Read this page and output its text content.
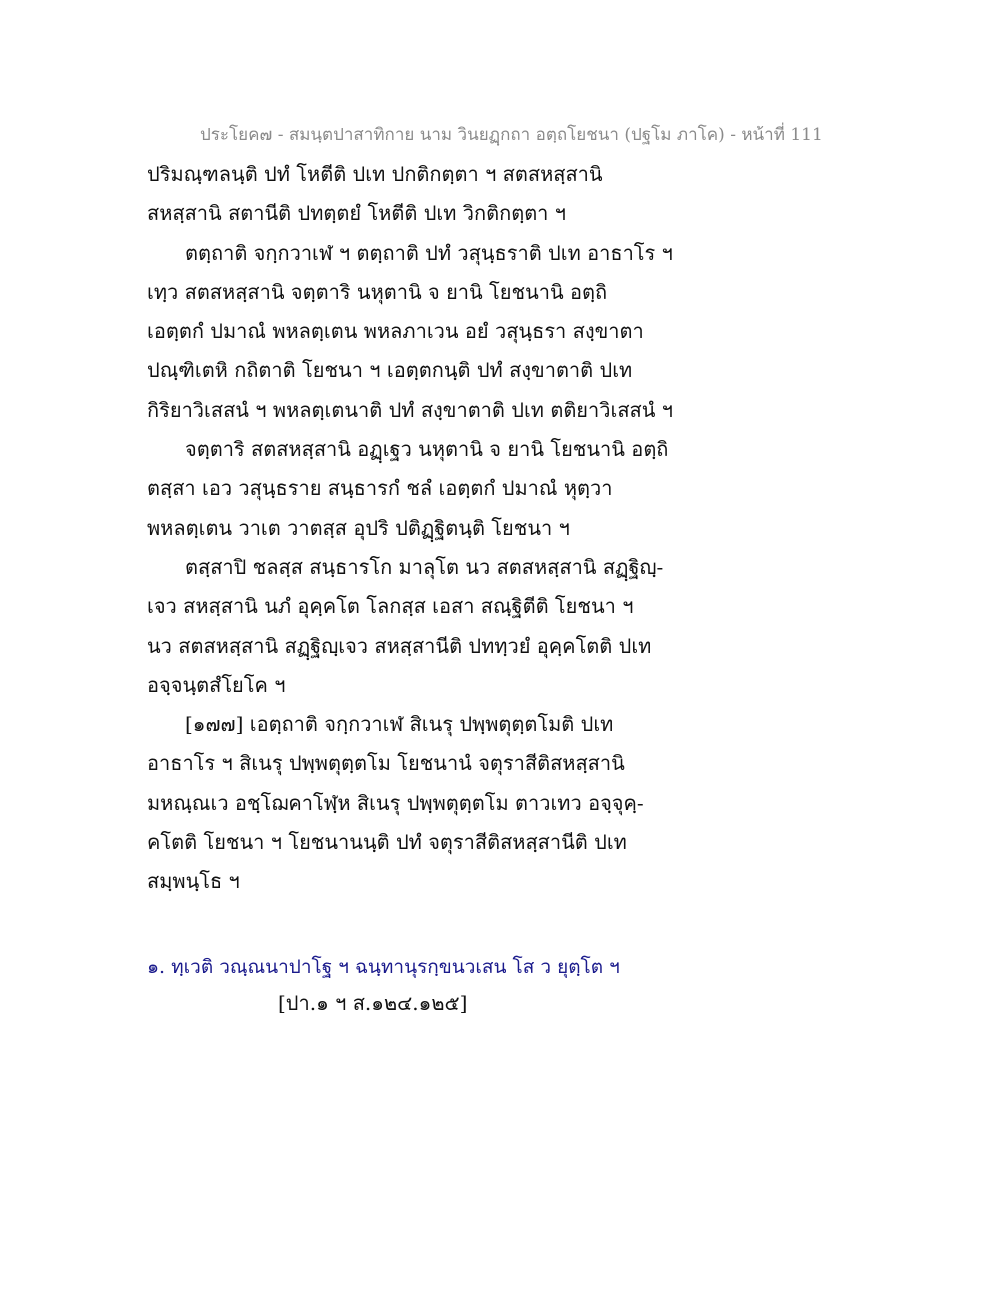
ประโยค๗ - สมนฺตปาสาทิกาย นาม วินยฏฺกถา อตฺถโยชนา (ปฐโม ภาโค) - หน้าที่ 111
ปริมณฺฑลนฺติ ปทํ โหตีติ ปเท ปกติกตฺตา ฯ สตสหสฺสานิ
สหสฺสานิ สตานีติ ปทตฺตยํ โหตีติ ปเท วิกติกตฺตา ฯ
ตตฺถาติ จกฺกวาเฬ ฯ ตตฺถาติ ปทํ วสุนฺธราติ ปเท อาธาโร ฯ
เทฺว สตสหสฺสานิ จตฺตาริ นหุตานิ จ ยานิ โยชนานิ อตฺถิ
เอตฺตกํ ปมาณํ พหลตฺเตน พหลภาเวน อยํ วสุนฺธรา สงฺขาตา
ปณฺฑิเตหิ กถิตาติ โยชนา ฯ เอตฺตกนฺติ ปทํ สงฺขาตาติ ปเท
กิริยาวิเสสนํ ฯ พหลตฺเตนาติ ปทํ สงฺขาตาติ ปเท ตติยาวิเสสนํ ฯ
จตฺตาริ สตสหสฺสานิ อฏฺเฐว นหุตานิ จ ยานิ โยชนานิ อตฺถิ
ตสฺสา เอว วสุนฺธราย สนฺธารกํ ชลํ เอตฺตกํ ปมาณํ หุตฺวา
พหลตฺเตน วาเต วาตสฺส อุปริ ปติฏฺฐิตนฺติ โยชนา ฯ
ตสฺสาปิ ชลสฺส สนฺธารโก มาลุโต นว สตสหสฺสานิ สฏฺฐิญฺ-
เจว สหสฺสานิ นภํ อุคฺคโต โลกสฺส เอสา สณฺฐิตีติ โยชนา ฯ
นว สตสหสฺสานิ สฏฺฐิญฺเจว สหสฺสานีติ ปททฺวยํ อุคฺคโตติ ปเท
อจฺจนฺตสํโยโค ฯ
[๑๗๗] เอตฺถาติ จกฺกวาเฬ สิเนรุ ปพฺพตุตฺตโมติ ปเท
อาธาโร ฯ สิเนรุ ปพฺพตุตฺตโม โยชนานํ จตุราสีติสหสฺสานิ
มหณฺณเว อชฺโฌคาโฬฺห สิเนรุ ปพฺพตุตฺตโม ตาวเทว อจฺจุคฺ-
คโตติ โยชนา ฯ โยชนานนฺติ ปทํ จตุราสีติสหสฺสานีติ ปเท
สมฺพนฺโธ ฯ
๑. ทฺเวติ วณฺณนาปาโฐ ฯ ฉนฺทานุรกฺขนวเสน โส ว ยุตฺโต ฯ
[ปา.๑ ฯ ส.๑๒๔.๑๒๕]
